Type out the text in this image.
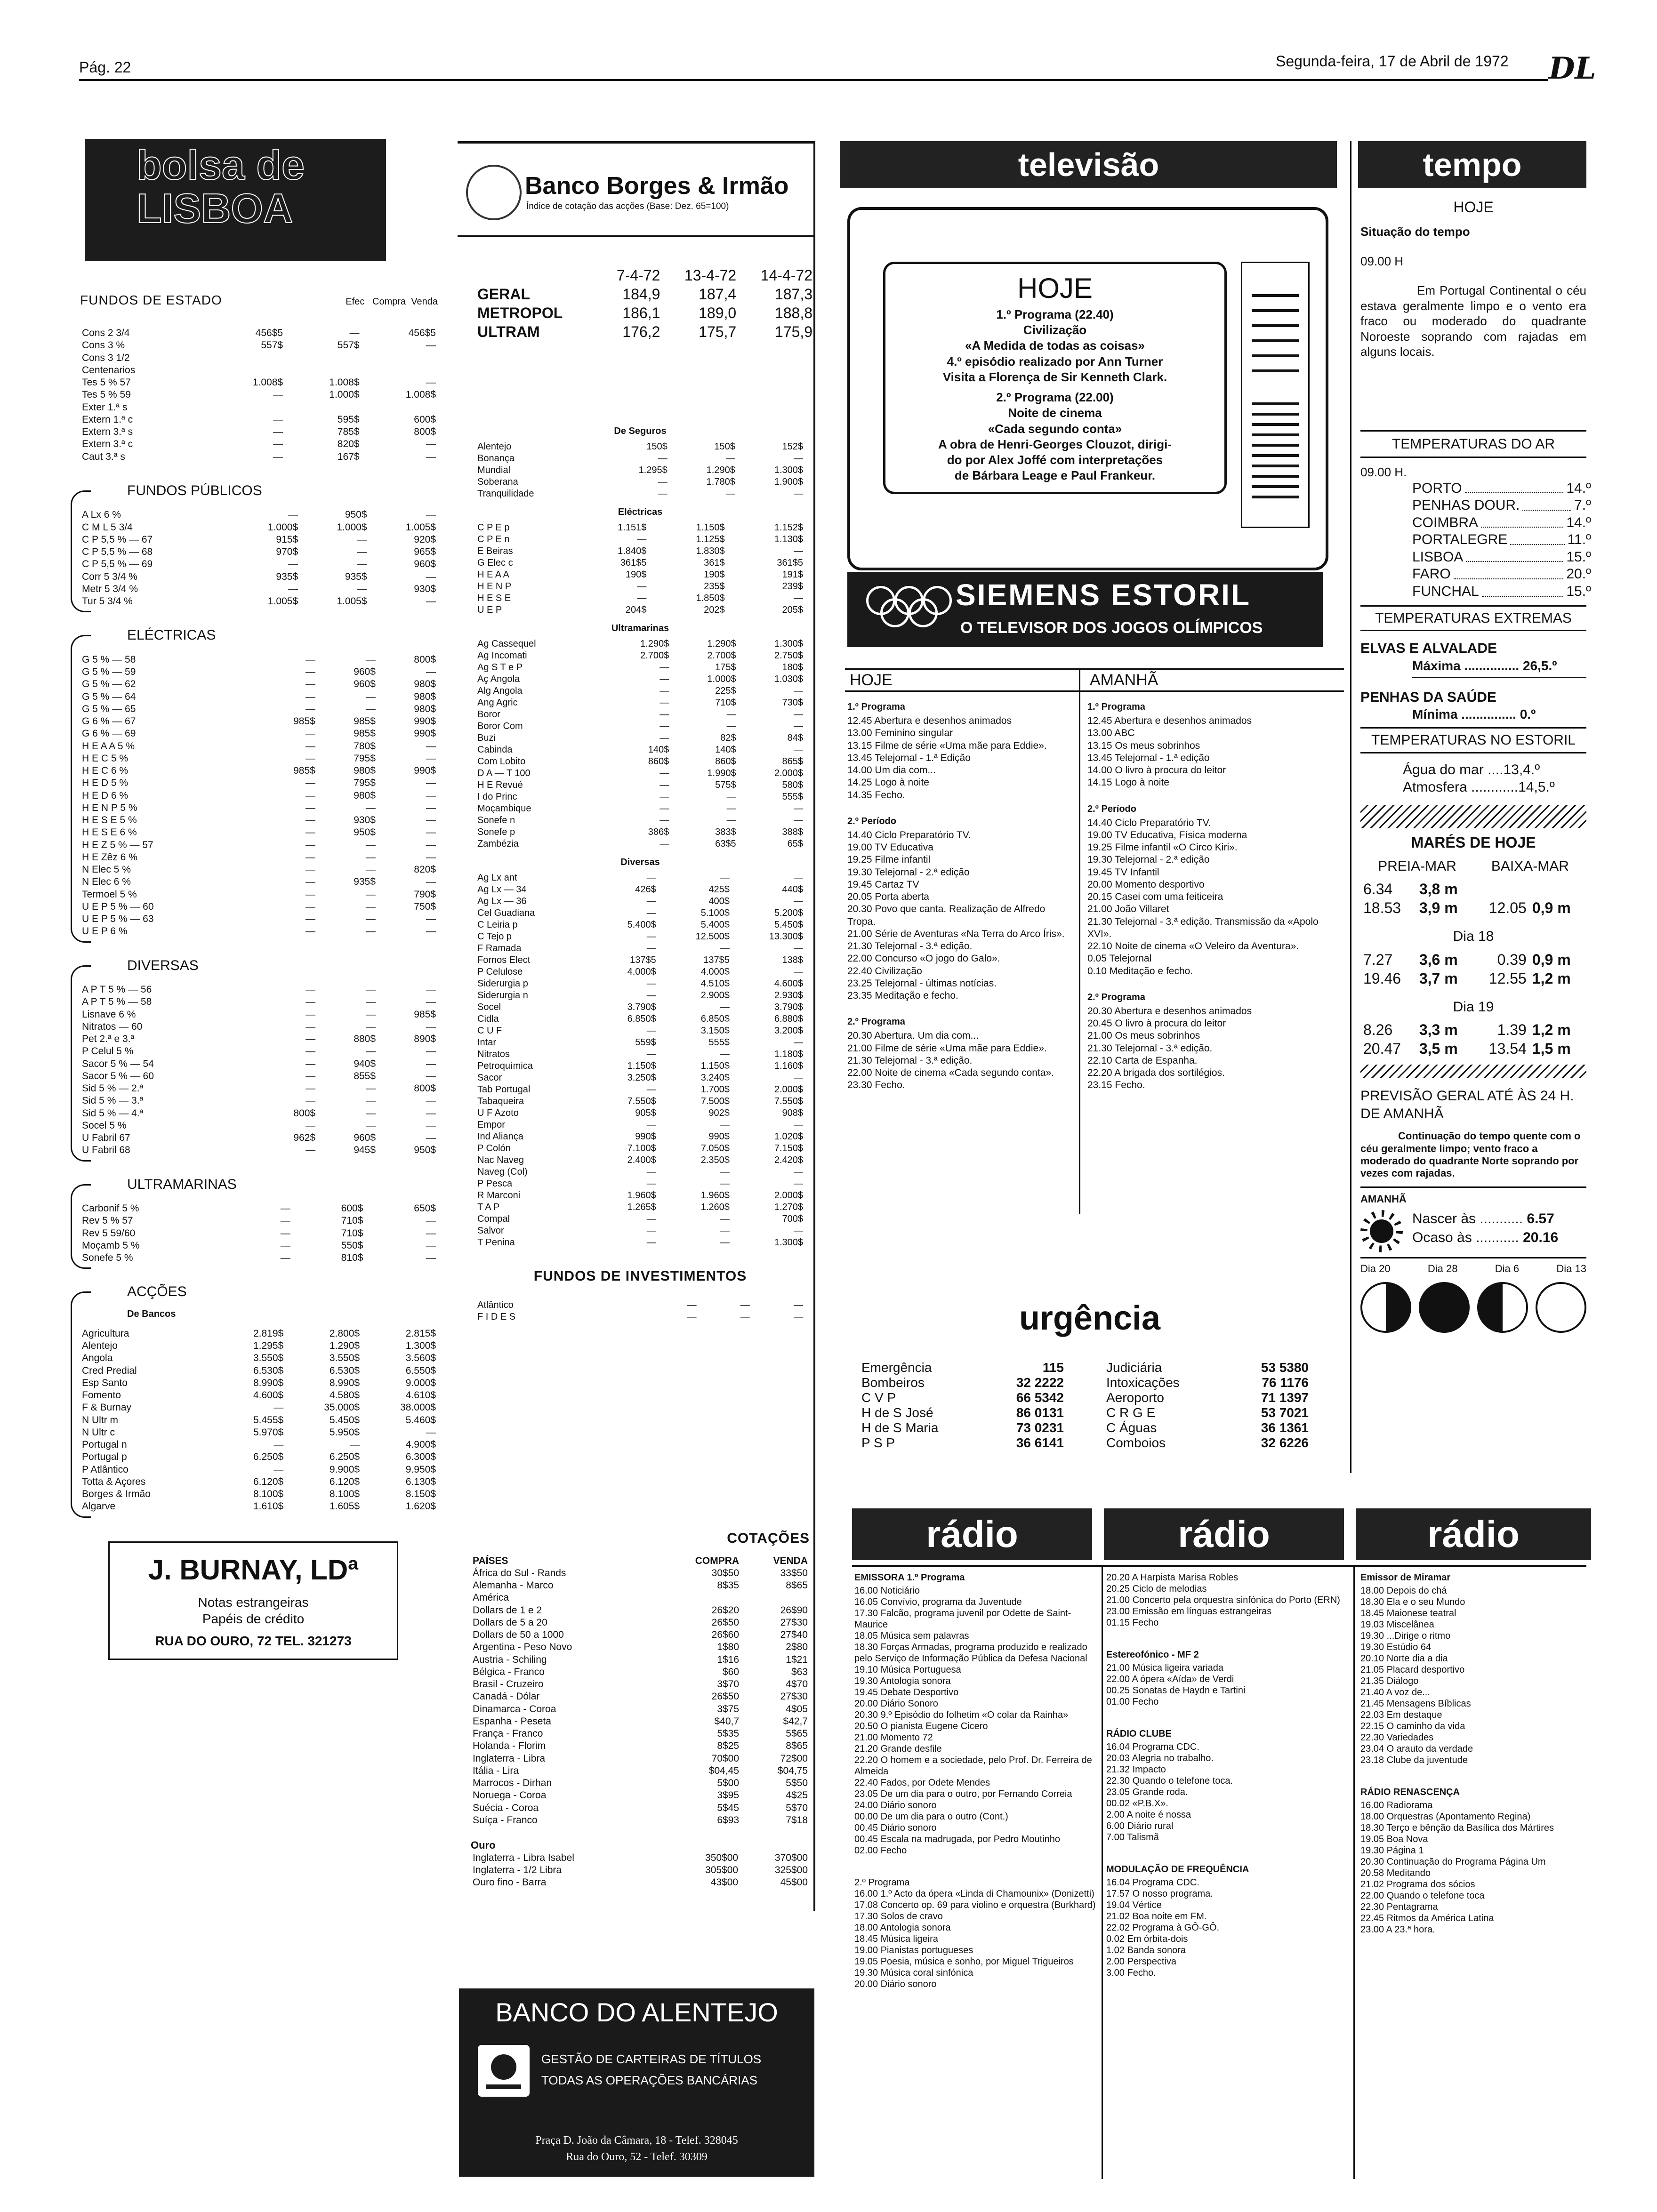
Pág. 22	Segunda-feira, 17 de Abril de 1972 DL
bolsa de LISBOA
FUNDOS DE ESTADO	Efec Compra Venda
Cons 2 3/4	456$5	—	456$5
Cons 3 %	557$	557$	—
Cons 3 1/2			
Centenarios			
Tes 5 % 57	1.008$	1.008$	—
Tes 5 % 59	—	1.000$	1.008$
Exter 1.ª s			
Extern 1.ª c	—	595$	600$
Extern 3.ª s	—	785$	800$
Extern 3.ª c	—	820$	—
Caut 3.ª s	—	167$	—
FUNDOS PÚBLICOS
A Lx 6 %	—	950$	—
C M L 5 3/4	1.000$	1.000$	1.005$
C P 5,5 % — 67	915$	—	920$
C P 5,5 % — 68	970$	—	965$
C P 5,5 % — 69	—	—	960$
Corr 5 3/4 %	935$	935$	—
Metr 5 3/4 %	—	—	930$
Tur 5 3/4 %	1.005$	1.005$	—
ELÉCTRICAS
G 5 % — 58	—	—	800$
G 5 % — 59	—	960$	—
G 5 % — 62	—	960$	980$
G 5 % — 64	—	—	980$
G 5 % — 65	—	—	980$
G 6 % — 67	985$	985$	990$
G 6 % — 69	—	985$	990$
H E A A 5 %	—	780$	—
H E C 5 %	—	795$	—
H E C 6 %	985$	980$	990$
H E D 5 %	—	795$	—
H E D 6 %	—	980$	—
H E N P 5 %	—	—	—
H E S E 5 %	—	930$	—
H E S E 6 %	—	950$	—
H E Z 5 % — 57	—	—	—
H E Zêz 6 %	—	—	—
N Elec 5 %	—	—	820$
N Elec 6 %	—	935$	—
Termoel 5 %	—	—	790$
U E P 5 % — 60	—	—	750$
U E P 5 % — 63	—	—	—
U E P 6 %	—	—	—
DIVERSAS
A P T 5 % — 56	—	—	—
A P T 5 % — 58	—	—	—
Lisnave 6 %	—	—	985$
Nitratos — 60	—	—	—
Pet 2.ª e 3.ª	—	880$	890$
P Celul 5 %	—	—	—
Sacor 5 % — 54	—	940$	—
Sacor 5 % — 60	—	855$	—
Sid 5 % — 2.ª	—	—	800$
Sid 5 % — 3.ª	—	—	—
Sid 5 % — 4.ª	800$	—	—
Socel 5 %	—	—	—
U Fabril 67	962$	960$	—
U Fabril 68	—	945$	950$
ULTRAMARINAS
Carbonif 5 %	—	600$	650$
Rev 5 % 57	—	710$	—
Rev 5 59/60	—	710$	—
Moçamb 5 %	—	550$	—
Sonefe 5 %	—	810$	—
ACÇÕES
De Bancos
Agricultura	2.819$	2.800$	2.815$
Alentejo	1.295$	1.290$	1.300$
Angola	3.550$	3.550$	3.560$
Cred Predial	6.530$	6.530$	6.550$
Esp Santo	8.990$	8.990$	9.000$
Fomento	4.600$	4.580$	4.610$
F & Burnay	—	35.000$	38.000$
N Ultr m	5.455$	5.450$	5.460$
N Ultr c	5.970$	5.950$	—
Portugal n	—	—	4.900$
Portugal p	6.250$	6.250$	6.300$
P Atlântico	—	9.900$	9.950$
Totta & Açores	6.120$	6.120$	6.130$
Borges & Irmão	8.100$	8.100$	8.150$
Algarve	1.610$	1.605$	1.620$
J. BURNAY, LDª
Notas estrangeiras
Papéis de crédito
RUA DO OURO, 72 TEL. 321273
Banco Borges & Irmão
Índice de cotação das acções (Base: Dez. 65=100)
	7-4-72	13-4-72	14-4-72
GERAL	184,9	187,4	187,3
METROPOL	186,1	189,0	188,8
ULTRAM	176,2	175,7	175,9
De Seguros
Alentejo	150$	150$	152$
Bonança	—	—	—
Mundial	1.295$	1.290$	1.300$
Soberana	—	1.780$	1.900$
Tranquilidade	—	—	—
Eléctricas
C P E p	1.151$	1.150$	1.152$
C P E n	—	1.125$	1.130$
E Beiras	1.840$	1.830$	—
G Elec c	361$5	361$	361$5
H E A A	190$	190$	191$
H E N P	—	235$	239$
H E S E	—	1.850$	—
U E P	204$	202$	205$
Ultramarinas
Ag Cassequel	1.290$	1.290$	1.300$
Ag Incomati	2.700$	2.700$	2.750$
Ag S T e P	—	175$	180$
Aç Angola	—	1.000$	1.030$
Alg Angola	—	225$	—
Ang Agric	—	710$	730$
Boror	—	—	—
Boror Com	—	—	—
Buzi	—	82$	84$
Cabinda	140$	140$	—
Com Lobito	860$	860$	865$
D A — T 100	—	1.990$	2.000$
H E Revué	—	575$	580$
I do Princ	—	—	555$
Moçambique	—	—	—
Sonefe n	—	—	—
Sonefe p	386$	383$	388$
Zambézia	—	63$5	65$
Diversas
Ag Lx ant	—	—	—
Ag Lx — 34	426$	425$	440$
Ag Lx — 36	—	400$	—
Cel Guadiana	—	5.100$	5.200$
C Leiria p	5.400$	5.400$	5.450$
C Tejo p	—	12.500$	13.300$
F Ramada	—	—	—
Fornos Elect	137$5	137$5	138$
P Celulose	4.000$	4.000$	—
Siderurgia p	—	4.510$	4.600$
Siderurgia n	—	2.900$	2.930$
Socel	3.790$	—	3.790$
Cidla	6.850$	6.850$	6.880$
C U F	—	3.150$	3.200$
Intar	559$	555$	—
Nitratos	—	—	1.180$
Petroquímica	1.150$	1.150$	1.160$
Sacor	3.250$	3.240$	—
Tab Portugal	—	1.700$	2.000$
Tabaqueira	7.550$	7.500$	7.550$
U F Azoto	905$	902$	908$
Empor	—	—	—
Ind Aliança	990$	990$	1.020$
P Colón	7.100$	7.050$	7.150$
Nac Naveg	2.400$	2.350$	2.420$
Naveg (Col)	—	—	—
P Pesca	—	—	—
R Marconi	1.960$	1.960$	2.000$
T A P	1.265$	1.260$	1.270$
Compal	—	—	700$
Salvor	—	—	—
T Penina	—	—	1.300$
FUNDOS DE INVESTIMENTOS
Atlântico	—	—	—
F I D E S	—	—	—
COTAÇÕES
PAÍSES	COMPRA	VENDA
África do Sul - Rands	30$50	33$50
Alemanha - Marco	8$35	8$65
América		
Dollars de 1 e 2	26$20	26$90
Dollars de 5 a 20	26$50	27$30
Dollars de 50 a 1000	26$60	27$40
Argentina - Peso Novo	1$80	2$80
Austria - Schiling	1$16	1$21
Bélgica - Franco	$60	$63
Brasil - Cruzeiro	3$70	4$70
Canadá - Dólar	26$50	27$30
Dinamarca - Coroa	3$75	4$05
Espanha - Peseta	$40,7	$42,7
França - Franco	5$35	5$65
Holanda - Florim	8$25	8$65
Inglaterra - Libra	70$00	72$00
Itália - Lira	$04,45	$04,75
Marrocos - Dirhan	5$00	5$50
Noruega - Coroa	3$95	4$25
Suécia - Coroa	5$45	5$70
Suíça - Franco	6$93	7$18
Ouro
Inglaterra - Libra Isabel	350$00	370$00
Inglaterra - 1/2 Libra	305$00	325$00
Ouro fino - Barra	43$00	45$00
BANCO DO ALENTEJO
GESTÃO DE CARTEIRAS DE TÍTULOS
TODAS AS OPERAÇÕES BANCÁRIAS
Praça D. João da Câmara, 18 - Telef. 328045
Rua do Ouro, 52 - Telef. 30309
televisão
HOJE
1.º Programa (22.40)
Civilização
«A Medida de todas as coisas»
4.º episódio realizado por Ann Turner
Visita a Florença de Sir Kenneth Clark.
2.º Programa (22.00)
Noite de cinema
«Cada segundo conta»
A obra de Henri-Georges Clouzot, dirigi-
do por Alex Joffé com interpretações
de Bárbara Leage e Paul Frankeur.
SIEMENS ESTORIL
O TELEVISOR DOS JOGOS OLÍMPICOS
HOJE	AMANHÃ

1.º Programa

12.45 Abertura e desenhos animados

13.00 Feminino singular

13.15 Filme de série «Uma mãe para Eddie».

13.45 Telejornal - 1.ª Edição

14.00 Um dia com...

14.25 Logo à noite

14.35 Fecho.

2.º Período

14.40 Ciclo Preparatório TV.

19.00 TV Educativa

19.25 Filme infantil

19.30 Telejornal - 2.ª edição

19.45 Cartaz TV

20.05 Porta aberta

20.30 Povo que canta. Realização de Alfredo Tropa.

21.00 Série de Aventuras «Na Terra do Arco Íris».

21.30 Telejornal - 3.ª edição.

22.00 Concurso «O jogo do Galo».

22.40 Civilização

23.25 Telejornal - últimas notícias.

23.35 Meditação e fecho.

2.º Programa

20.30 Abertura. Um dia com...

21.00 Filme de série «Uma mãe para Eddie».

21.30 Telejornal - 3.ª edição.

22.00 Noite de cinema «Cada segundo conta».

23.30 Fecho.

1.º Programa

12.45 Abertura e desenhos animados

13.00 ABC

13.15 Os meus sobrinhos

13.45 Telejornal - 1.ª edição

14.00 O livro à procura do leitor

14.15 Logo à noite

2.º Período

14.40 Ciclo Preparatório TV.

19.00 TV Educativa, Física moderna

19.25 Filme infantil «O Circo Kiri».

19.30 Telejornal - 2.ª edição

19.45 TV Infantil

20.00 Momento desportivo

20.15 Casei com uma feiticeira

21.00 João Villaret

21.30 Telejornal - 3.ª edição. Transmissão da «Apolo XVI».

22.10 Noite de cinema «O Veleiro da Aventura».

0.05 Telejornal

0.10 Meditação e fecho.

2.º Programa

20.30 Abertura e desenhos animados

20.45 O livro à procura do leitor

21.00 Os meus sobrinhos

21.30 Telejornal - 3.ª edição.

22.10 Carta de Espanha.

22.20 A brigada dos sortilégios.

23.15 Fecho.

urgência
Emergência	115
Bombeiros	32 2222
C V P	66 5342
H de S José	86 0131
H de S Maria	73 0231
P S P	36 6141
Judiciária	53 5380
Intoxicações	76 1176
Aeroporto	71 1397
C R G E	53 7021
C Águas	36 1361
Comboios	32 6226
rádio	rádio	rádio

EMISSORA 1.º Programa

16.00 Noticiário

16.05 Convívio, programa da Juventude

17.30 Falcão, programa juvenil por Odette de Saint-Maurice

18.05 Música sem palavras

18.30 Forças Armadas, programa produzido e realizado pelo Serviço de Informação Pública da Defesa Nacional

19.10 Música Portuguesa

19.30 Antologia sonora

19.45 Debate Desportivo

20.00 Diário Sonoro

20.30 9.º Episódio do folhetim «O colar da Rainha»

20.50 O pianista Eugene Cicero

21.00 Momento 72

21.20 Grande desfile

22.20 O homem e a sociedade, pelo Prof. Dr. Ferreira de Almeida

22.40 Fados, por Odete Mendes

23.05 De um dia para o outro, por Fernando Correia

24.00 Diário sonoro

00.00 De um dia para o outro (Cont.)

00.45 Diário sonoro

00.45 Escala na madrugada, por Pedro Moutinho

02.00 Fecho

2.º Programa

16.00 1.º Acto da ópera «Linda di Chamounix» (Donizetti)

17.08 Concerto op. 69 para violino e orquestra (Burkhard)

17.30 Solos de cravo

18.00 Antologia sonora

18.45 Música ligeira

19.00 Pianistas portugueses

19.05 Poesia, música e sonho, por Miguel Trigueiros

19.30 Música coral sinfónica

20.00 Diário sonoro

20.20 A Harpista Marisa Robles

20.25 Ciclo de melodias

21.00 Concerto pela orquestra sinfónica do Porto (ERN)

23.00 Emissão em línguas estrangeiras

01.15 Fecho

Estereofónico - MF 2

21.00 Música ligeira variada

22.00 A ópera «Aída» de Verdi

00.25 Sonatas de Haydn e Tartini

01.00 Fecho

RÁDIO CLUBE

16.04 Programa CDC.

20.03 Alegria no trabalho.

21.32 Impacto

22.30 Quando o telefone toca.

23.05 Grande roda.

00.02 «P.B.X».

2.00 A noite é nossa

6.00 Diário rural

7.00 Talismã

MODULAÇÃO DE FREQUÊNCIA

16.04 Programa CDC.

17.57 O nosso programa.

19.04 Vértice

21.02 Boa noite em FM.

22.02 Programa à GÔ-GÔ.

0.02 Em órbita-dois

1.02 Banda sonora

2.00 Perspectiva

3.00 Fecho.

Emissor de Miramar

18.00 Depois do chá

18.30 Ela e o seu Mundo

18.45 Maionese teatral

19.03 Miscelânea

19.30 ...Dirige o ritmo

19.30 Estúdio 64

20.10 Norte dia a dia

21.05 Placard desportivo

21.35 Diálogo

21.40 A voz de...

21.45 Mensagens Bíblicas

22.03 Em destaque

22.15 O caminho da vida

22.30 Variedades

23.04 O arauto da verdade

23.18 Clube da juventude

RÁDIO RENASCENÇA

16.00 Radiorama

18.00 Orquestras (Apontamento Regina)

18.30 Terço e bênção da Basílica dos Mártires

19.05 Boa Nova

19.30 Página 1

20.30 Continuação do Programa Página Um

20.58 Meditando

21.02 Programa dos sócios

22.00 Quando o telefone toca

22.30 Pentagrama

22.45 Ritmos da América Latina

23.00 A 23.ª hora.

tempo
HOJE
Situação do tempo
09.00 H
Em Portugal Continental o céu estava geralmente limpo e o vento era fraco ou moderado do quadrante Noroeste soprando com rajadas em alguns locais.
TEMPERATURAS DO AR
09.00 H.
PORTO	14.º
PENHAS DOUR.	7.º
COIMBRA	14.º
PORTALEGRE	11.º
LISBOA	15.º
FARO	20.º
FUNCHAL	15.º
TEMPERATURAS EXTREMAS
ELVAS E ALVALADE
Máxima ............... 26,5.º
PENHAS DA SAÚDE
Mínima ............... 0.º
TEMPERATURAS NO ESTORIL
Água do mar ....13,4.º
Atmosfera ............14,5.º
MARÉS DE HOJE
PREIA-MAR BAIXA-MAR
6.34	3,8 m		
18.53	3,9 m	12.05	0,9 m
Dia 18
7.27	3,6 m	0.39	0,9 m
19.46	3,7 m	12.55	1,2 m
Dia 19
8.26	3,3 m	1.39	1,2 m
20.47	3,5 m	13.54	1,5 m
PREVISÃO GERAL ATÉ ÀS 24 H. DE AMANHÃ
Continuação do tempo quente com o céu geralmente limpo; vento fraco a moderado do quadrante Norte soprando por vezes com rajadas.
AMANHÃ
Nascer às ........... 6.57
Ocaso às ........... 20.16
Dia 20	Dia 28	Dia 6	Dia 13
